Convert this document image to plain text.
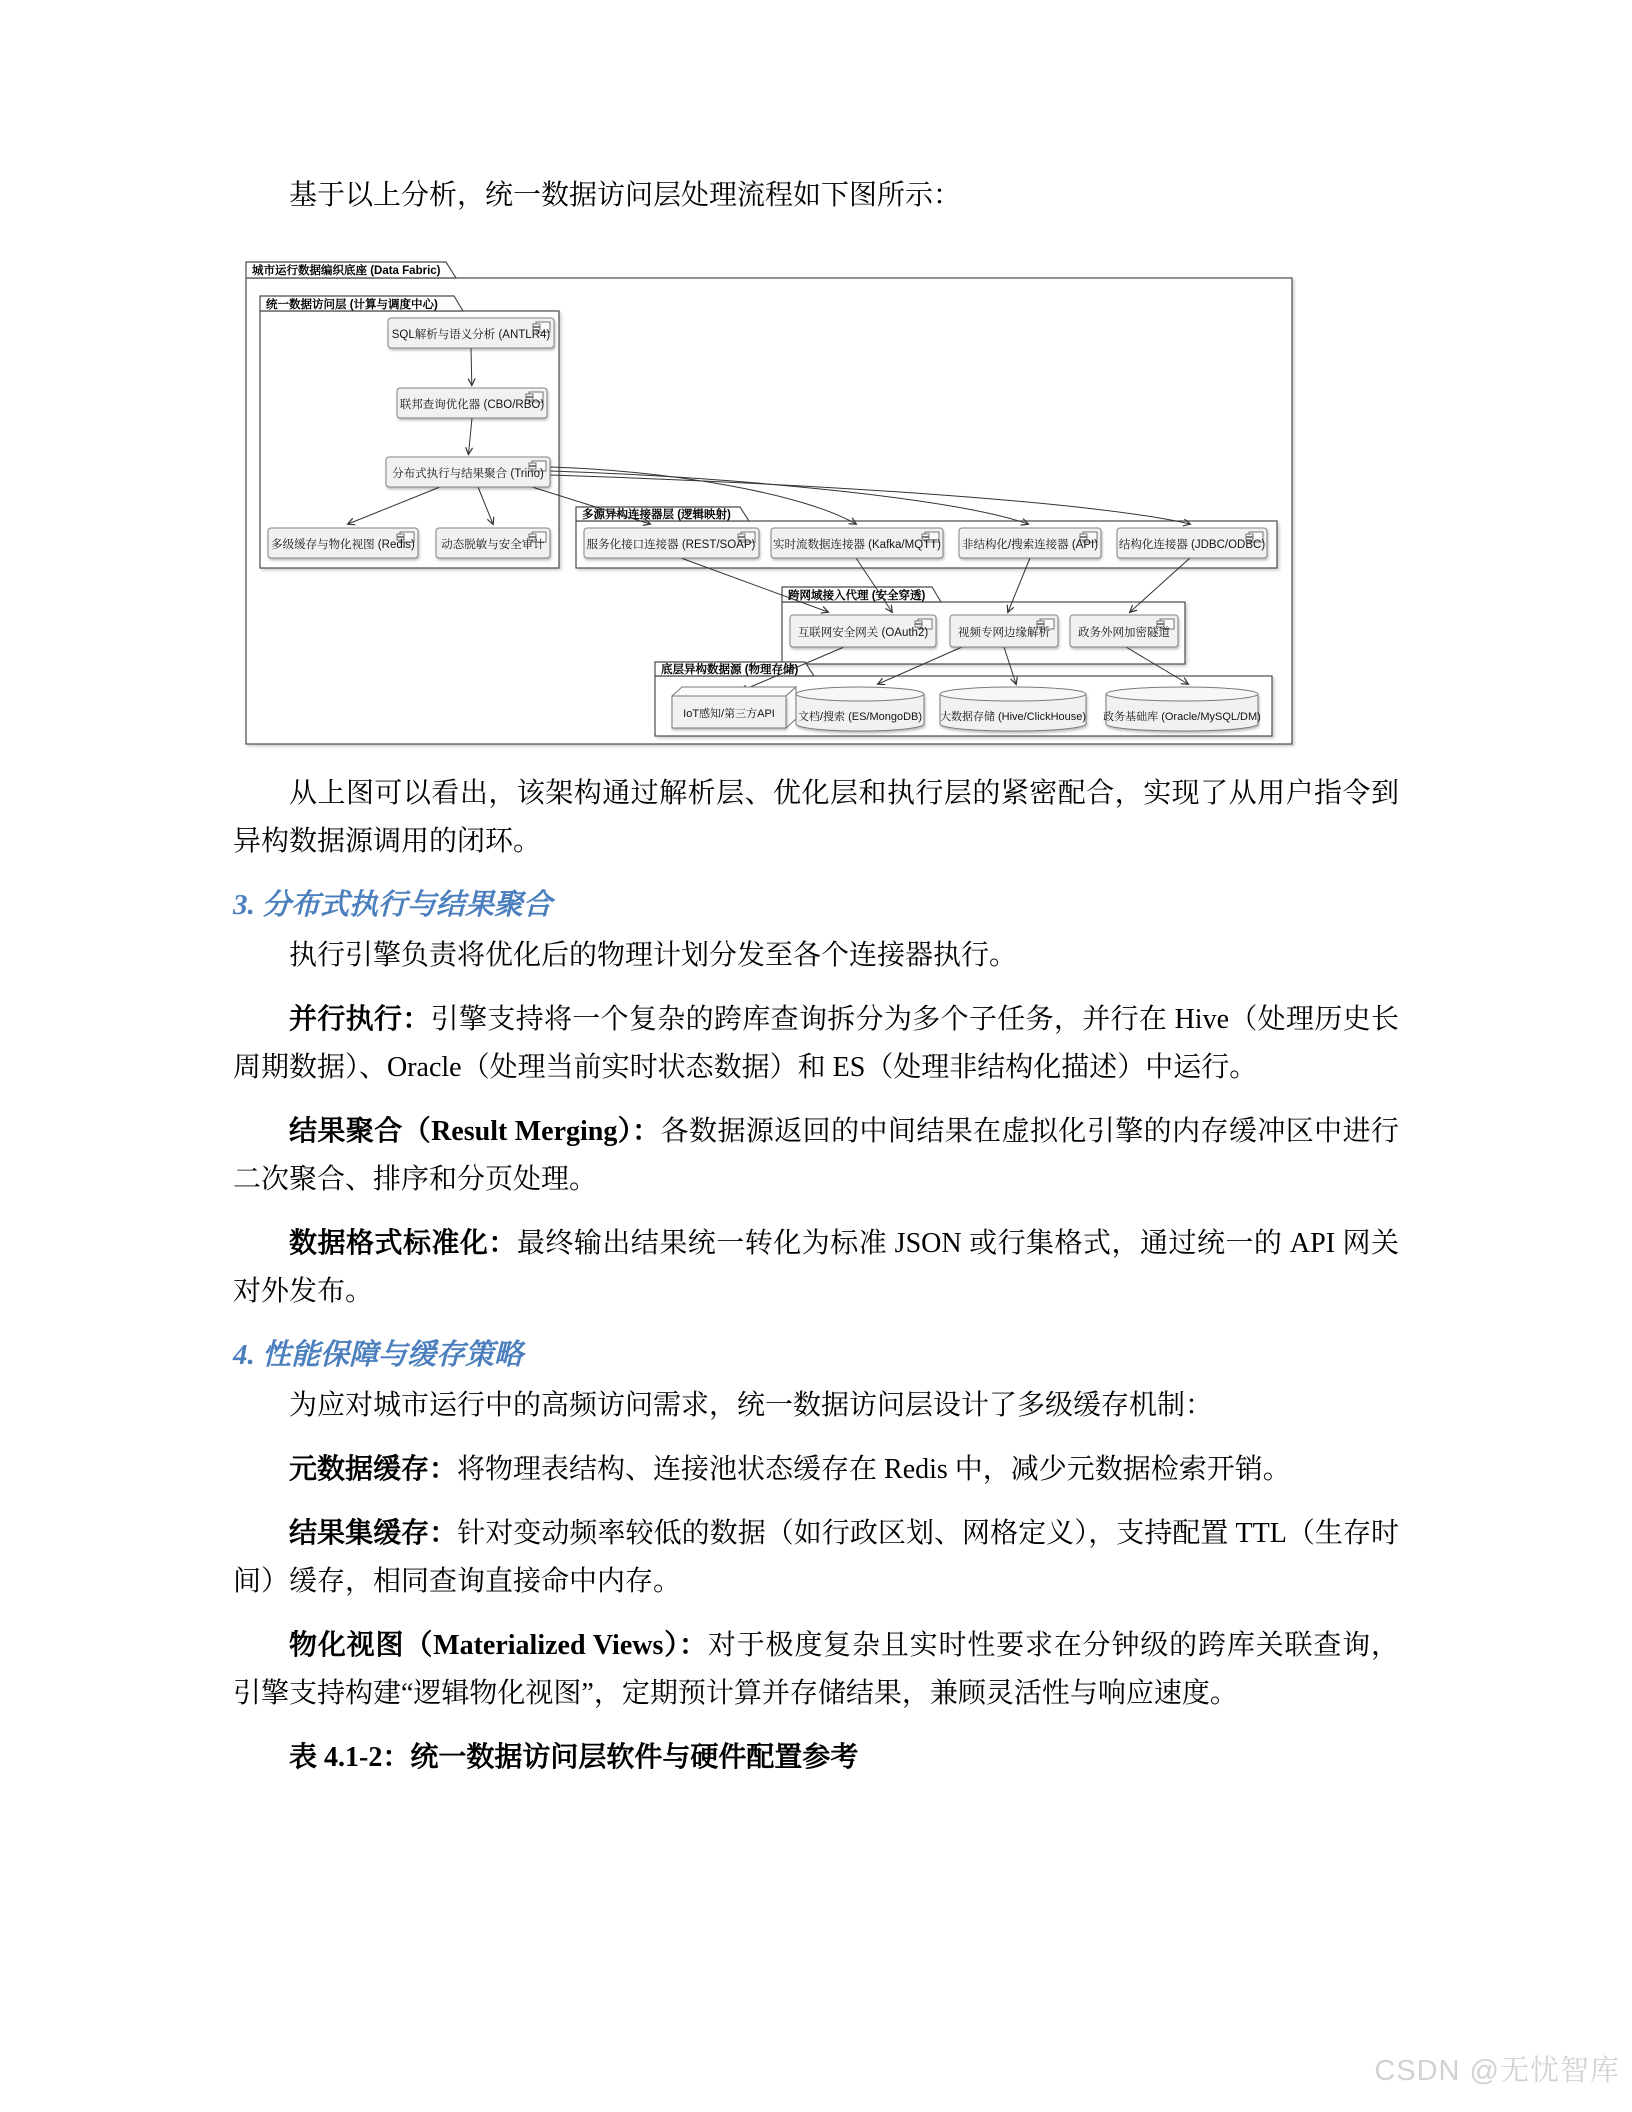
基于以上分析，统一数据访问层处理流程如下图所示：

城市运行数据编织底座 (Data Fabric)
统一数据访问层 (计算与调度中心)
多源异构连接器层 (逻辑映射)
跨网域接入代理 (安全穿透)
底层异构数据源 (物理存储)
SQL解析与语义分析 (ANTLR4)
联邦查询优化器 (CBO/RBO)
分布式执行与结果聚合 (Trino)
多级缓存与物化视图 (Redis) 动态脱敏与安全审计	服务化接口连接器 (REST/SOAP) 实时流数据连接器 (Kafka/MQTT) 非结构化/搜索连接器 (API) 结构化连接器 (JDBC/ODBC)
互联网安全网关 (OAuth2)	视频专网边缘解析 政务外网加密隧道
IoT感知/第三方API 文档/搜索 (ES/MongoDB) 大数据存储 (Hive/ClickHouse) 政务基础库 (Oracle/MySQL/DM)

从上图可以看出，该架构通过解析层、优化层和执行层的紧密配合，实现了从用户指令到异构数据源调用的闭环。

3. 分布式执行与结果聚合

执行引擎负责将优化后的物理计划分发至各个连接器执行。

并行执行：引擎支持将一个复杂的跨库查询拆分为多个子任务，并行在 Hive（处理历史长周期数据）、Oracle（处理当前实时状态数据）和 ES（处理非结构化描述）中运行。

结果聚合（Result Merging）：各数据源返回的中间结果在虚拟化引擎的内存缓冲区中进行二次聚合、排序和分页处理。

数据格式标准化：最终输出结果统一转化为标准 JSON 或行集格式，通过统一的 API 网关对外发布。

4. 性能保障与缓存策略

为应对城市运行中的高频访问需求，统一数据访问层设计了多级缓存机制：

元数据缓存：将物理表结构、连接池状态缓存在 Redis 中，减少元数据检索开销。

结果集缓存：针对变动频率较低的数据（如行政区划、网格定义），支持配置 TTL（生存时间）缓存，相同查询直接命中内存。

物化视图（Materialized Views）：对于极度复杂且实时性要求在分钟级的跨库关联查询，引擎支持构建“逻辑物化视图”，定期预计算并存储结果，兼顾灵活性与响应速度。

表 4.1-2：统一数据访问层软件与硬件配置参考

CSDN @无忧智库
